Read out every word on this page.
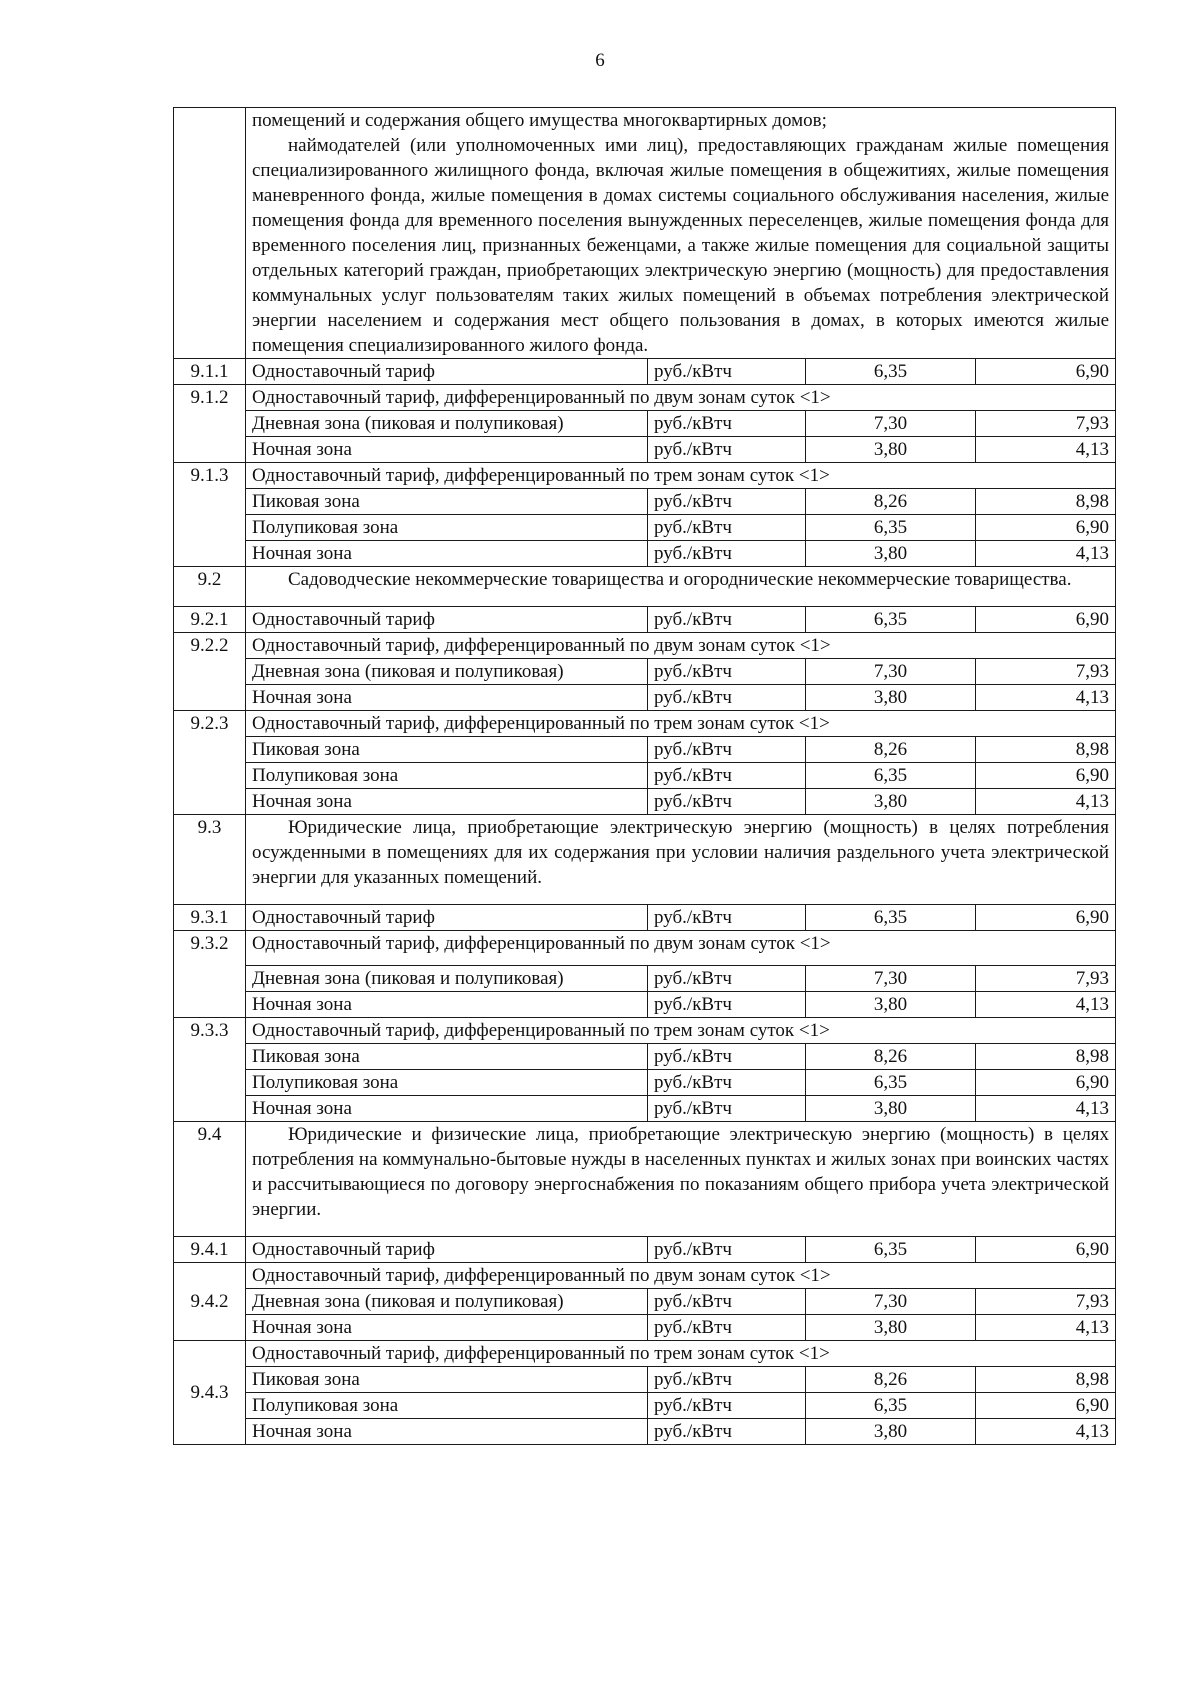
6

	помещений и содержания общего имущества многоквартирных домов;
наймодателей (или уполномоченных ими лиц), предоставляющих гражданам жилые помещения специализированного жилищного фонда, включая жилые помещения в общежитиях, жилые помещения маневренного фонда, жилые помещения в домах системы социального обслуживания населения, жилые помещения фонда для временного поселения вынужденных переселенцев, жилые помещения фонда для временного поселения лиц, признанных беженцами, а также жилые помещения для социальной защиты отдельных категорий граждан, приобретающих электрическую энергию (мощность) для предоставления коммунальных услуг пользователям таких жилых помещений в объемах потребления электрической энергии населением и содержания мест общего пользования в домах, в которых имеются жилые помещения специализированного жилого фонда.			

9.1.1	Одноставочный тариф	руб./кВтч	6,35	6,90
9.1.2	Одноставочный тариф, дифференцированный по двум зонам суток <1>			
	Дневная зона (пиковая и полупиковая)	руб./кВтч	7,30	7,93
	Ночная зона	руб./кВтч	3,80	4,13
9.1.3	Одноставочный тариф, дифференцированный по трем зонам суток <1>			
	Пиковая зона	руб./кВтч	8,26	8,98
	Полупиковая зона	руб./кВтч	6,35	6,90
	Ночная зона	руб./кВтч	3,80	4,13
9.2	Садоводческие некоммерческие товарищества и огороднические некоммерческие товарищества.			

9.2.1	Одноставочный тариф	руб./кВтч	6,35	6,90
9.2.2	Одноставочный тариф, дифференцированный по двум зонам суток <1>			
	Дневная зона (пиковая и полупиковая)	руб./кВтч	7,30	7,93
	Ночная зона	руб./кВтч	3,80	4,13
9.2.3	Одноставочный тариф, дифференцированный по трем зонам суток <1>			
	Пиковая зона	руб./кВтч	8,26	8,98
	Полупиковая зона	руб./кВтч	6,35	6,90
	Ночная зона	руб./кВтч	3,80	4,13
9.3	Юридические лица, приобретающие электрическую энергию (мощность) в целях потребления осужденными в помещениях для их содержания при условии наличия раздельного учета электрической энергии для указанных помещений.			

9.3.1	Одноставочный тариф	руб./кВтч	6,35	6,90
9.3.2	Одноставочный тариф, дифференцированный по двум зонам суток <1>			
	Дневная зона (пиковая и полупиковая)	руб./кВтч	7,30	7,93
	Ночная зона	руб./кВтч	3,80	4,13
9.3.3	Одноставочный тариф, дифференцированный по трем зонам суток <1>			
	Пиковая зона	руб./кВтч	8,26	8,98
	Полупиковая зона	руб./кВтч	6,35	6,90
	Ночная зона	руб./кВтч	3,80	4,13
9.4	Юридические и физические лица, приобретающие электрическую энергию (мощность) в целях потребления на коммунально-бытовые нужды в населенных пунктах и жилых зонах при воинских частях и рассчитывающиеся по договору энергоснабжения по показаниям общего прибора учета электрической энергии.			

9.4.1	Одноставочный тариф	руб./кВтч	6,35	6,90
9.4.2	Одноставочный тариф, дифференцированный по двум зонам суток <1>			
	Дневная зона (пиковая и полупиковая)	руб./кВтч	7,30	7,93
	Ночная зона	руб./кВтч	3,80	4,13
9.4.3	Одноставочный тариф, дифференцированный по трем зонам суток <1>			
	Пиковая зона	руб./кВтч	8,26	8,98
	Полупиковая зона	руб./кВтч	6,35	6,90
	Ночная зона	руб./кВтч	3,80	4,13
